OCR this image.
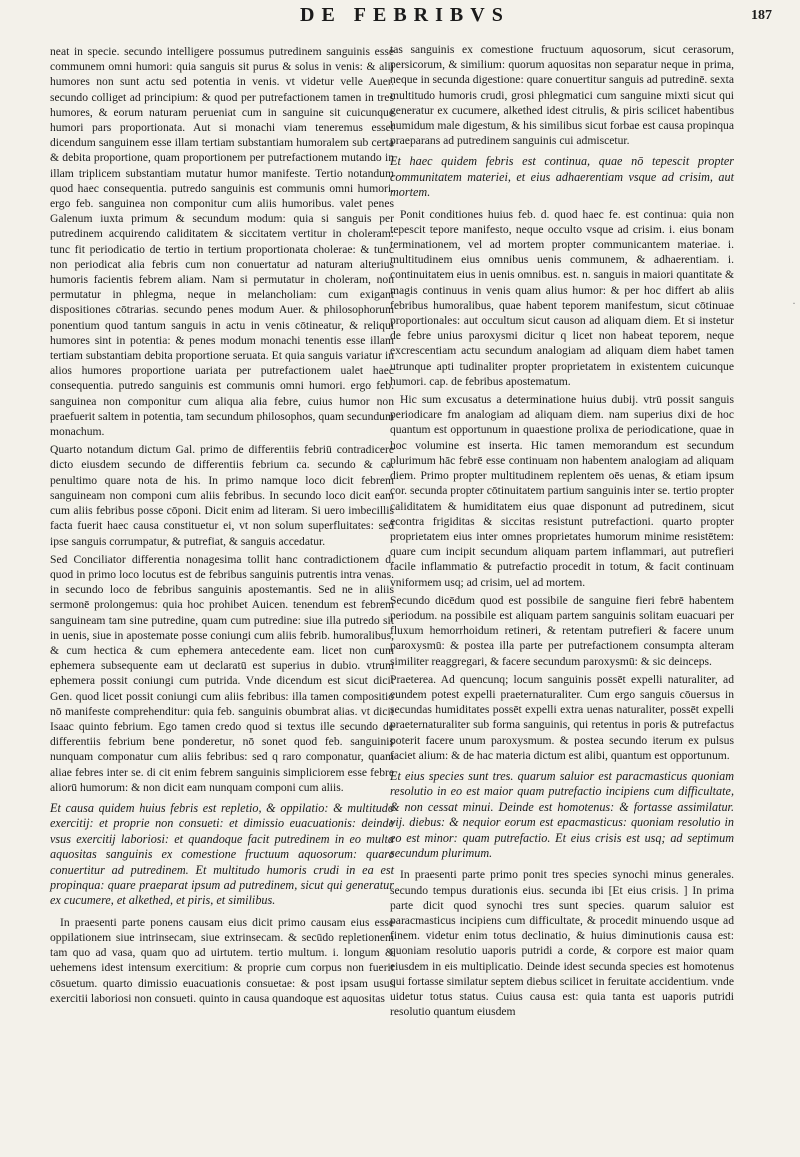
DE FEBRIBVS	187

neat in specie. secundo intelligere possumus putredinem sanguinis esse communem omni humori: quia sanguis sit purus & solus in venis: & alij humores non sunt actu sed potentia in venis. vt videtur velle Auer. secundo colliget ad principium: & quod per putrefactionem tamen in tres humores, & eorum naturam perueniat cum in sanguine sit cuicunque humori pars proportionata. Aut si monachi viam teneremus esset dicendum sanguinem esse illam tertiam substantiam humoralem sub certa & debita proportione, quam proportionem per putrefactionem mutando in illam triplicem substantiam mutatur humor manifeste. Tertio notandum quod haec consequentia. putredo sanguinis est communis omni humori. ergo feb. sanguinea non componitur cum aliis humoribus. valet penes Galenum iuxta primum & secundum modum: quia si sanguis per putredinem acquirendo caliditatem & siccitatem vertitur in choleram: tunc fit periodicatio de tertio in tertium proportionata cholerae: & tunc non periodicat alia febris cum non conuertatur ad naturam alterius humoris facientis febrem aliam. Nam si permutatur in choleram, non permutatur in phlegma, neque in melancholiam: cum exigant dispositiones cōtrarias. secundo penes modum Auer. & philosophorum ponentium quod tantum sanguis in actu in venis cōtineatur, & reliqui humores sint in potentia: & penes modum monachi tenentis esse illam tertiam substantiam debita proportione seruata. Et quia sanguis variatur in alios humores proportione uariata per putrefactionem ualet haec consequentia. putredo sanguinis est communis omni humori. ergo feb. sanguinea non componitur cum aliqua alia febre, cuius humor non praefuerit saltem in potentia, tam secundum philosophos, quam secundum monachum.

Quarto notandum dictum Gal. primo de differentiis febriū contradicere dicto eiusdem secundo de differentiis febrium ca. secundo & ca. penultimo quare nota de his. In primo namque loco dicit febrem sanguineam non componi cum aliis febribus. In secundo loco dicit eam cum aliis febribus posse cōponi. Dicit enim ad literam. Si uero imbecillis facta fuerit haec causa constituetur ei, vt non solum superfluitates: sed ipse sanguis corrumpatur, & putrefiat, & sanguis accedatur.

Sed Conciliator differentia nonagesima tollit hanc contradictionem d. quod in primo loco locutus est de febribus sanguinis putrentis intra venas. in secundo loco de febribus sanguinis apostemantis. Sed ne in aliis sermonē prolongemus: quia hoc prohibet Auicen. tenendum est febrem sanguineam tam sine putredine, quam cum putredine: siue illa putredo sit in uenis, siue in apostemate posse coniungi cum aliis febrib. humoralibus, & cum hectica & cum ephemera antecedente eam. licet non cum ephemera subsequente eam ut declaratū est superius in dubio. vtrum ephemera possit coniungi cum putrida. Vnde dicendum est sicut dicit Gen. quod licet possit coniungi cum aliis febribus: illa tamen compositio nō manifeste comprehenditur: quia feb. sanguinis obumbrat alias. vt dicit Isaac quinto febrium. Ego tamen credo quod si textus ille secundo de differentiis febrium bene ponderetur, nō sonet quod feb. sanguinis nunquam componatur cum aliis febribus: sed q raro componatur, quam aliae febres inter se. di cit enim febrem sanguinis simpliciorem esse febre aliorū humorum: & non dicit eam nunquam componi cum aliis.

Et causa quidem huius febris est repletio, & oppilatio: & multitudo exercitij: et proprie non consueti: et dimissio euacuationis: deinde vsus exercitij laboriosi: et quandoque facit putredinem in eo multa aquositas sanguinis ex comestione fructuum aquosorum: quare conuertitur ad putredinem. Et multitudo humoris crudi in ea est propinqua: quare praeparat ipsum ad putredinem, sicut qui generatur ex cucumere, et alkethed, et piris, et similibus.

In praesenti parte ponens causam eius dicit primo causam eius esse oppilationem siue intrinsecam, siue extrinsecam. & secūdo repletionem tam quo ad vasa, quam quo ad uirtutem. tertio multum. i. longum & uehemens idest intensum exercitium: & proprie cum corpus non fuerit cōsuetum. quarto dimissio euacuationis consuetae: & post ipsam usus exercitii laboriosi non consueti. quinto in causa quandoque est aquositas

tas sanguinis ex comestione fructuum aquosorum, sicut cerasorum, persicorum, & similium: quorum aquositas non separatur neque in prima, neque in secunda digestione: quare conuertitur sanguis ad putredinē. sexta multitudo humoris crudi, grosi phlegmatici cum sanguine mixti sicut qui generatur ex cucumere, alkethed idest citrulis, & piris scilicet habentibus humidum male digestum, & his similibus sicut forbae est causa propinqua praeparans ad putredinem sanguinis cui admiscetur.

Et haec quidem febris est continua, quae nō tepescit propter communitatem materiei, et eius adhaerentiam vsque ad crisim, aut mortem.

Ponit conditiones huius feb. d. quod haec fe. est continua: quia non tepescit tepore manifesto, neque occulto vsque ad crisim. i. eius bonam terminationem, vel ad mortem propter communicantem materiae. i. multitudinem eius omnibus uenis communem, & adhaerentiam. i. continuitatem eius in uenis omnibus. est. n. sanguis in maiori quantitate & magis continuus in venis quam alius humor: & per hoc differt ab aliis febribus humoralibus, quae habent teporem manifestum, sicut cōtinuae proportionales: aut occultum sicut causon ad aliquam diem. Et si instetur de febre unius paroxysmi dicitur q licet non habeat teporem, neque excrescentiam actu secundum analogiam ad aliquam diem habet tamen utrunque apti tudinaliter propter proprietatem in existentem cuicunque humori. cap. de febribus apostematum.

Hic sum excusatus a determinatione huius dubij. vtrū possit sanguis periodicare fm analogiam ad aliquam diem. nam superius dixi de hoc quantum est opportunum in quaestione prolixa de periodicatione, quae in hoc volumine est inserta. Hic tamen memorandum est secundum plurimum hāc febrē esse continuam non habentem analogiam ad aliquam diem. Primo propter multitudinem replentem oēs uenas, & etiam ipsum cor. secunda propter cōtinuitatem partium sanguinis inter se. tertio propter caliditatem & humiditatem eius quae disponunt ad putredinem, sicut econtra frigiditas & siccitas resistunt putrefactioni. quarto propter proprietatem eius inter omnes proprietates humorum minime resistētem: quare cum incipit secundum aliquam partem inflammari, aut putrefieri facile inflammatio & putrefactio procedit in totum, & facit continuam vniformem usq; ad crisim, uel ad mortem.

Secundo dicēdum quod est possibile de sanguine fieri febrē habentem periodum. na possibile est aliquam partem sanguinis solitam euacuari per fluxum hemorrhoidum retineri, & retentam putrefieri & facere unum paroxysmū: & postea illa parte per putrefactionem consumpta alteram similiter reaggregari, & facere secundum paroxysmū: & sic deinceps.

Praeterea. Ad quencunq; locum sanguinis possēt expelli naturaliter, ad eundem potest expelli praeternaturaliter. Cum ergo sanguis cōuersus in secundas humiditates possēt expelli extra uenas naturaliter, possēt expelli praeternaturaliter sub forma sanguinis, qui retentus in poris & putrefactus poterit facere unum paroxysmum. & postea secundo iterum ex pulsus faciet alium: & de hac materia dictum est alibi, quantum est opportunum.

Et eius species sunt tres. quarum saluior est paracmasticus quoniam resolutio in eo est maior quam putrefactio incipiens cum difficultate, & non cessat minui. Deinde est homotenus: & fortasse assimilatur. vij. diebus: & nequior eorum est epacmasticus: quoniam resolutio in eo est minor: quam putrefactio. Et eius crisis est usq; ad septimum secundum plurimum.

In praesenti parte primo ponit tres species synochi minus generales. secundo tempus durationis eius. secunda ibi [Et eius crisis. ] In prima parte dicit quod synochi tres sunt species. quarum saluior est paracmasticus incipiens cum difficultate, & procedit minuendo usque ad finem. videtur enim totus declinatio, & huius diminutionis causa est: quoniam resolutio uaporis putridi a corde, & corpore est maior quam eiusdem in eis multiplicatio. Deinde idest secunda species est homotenus qui fortasse similatur septem diebus scilicet in feruitate accidentium. vnde uidetur totus status. Cuius causa est: quia tanta est uaporis putridi resolutio quantum eiusdem

·
